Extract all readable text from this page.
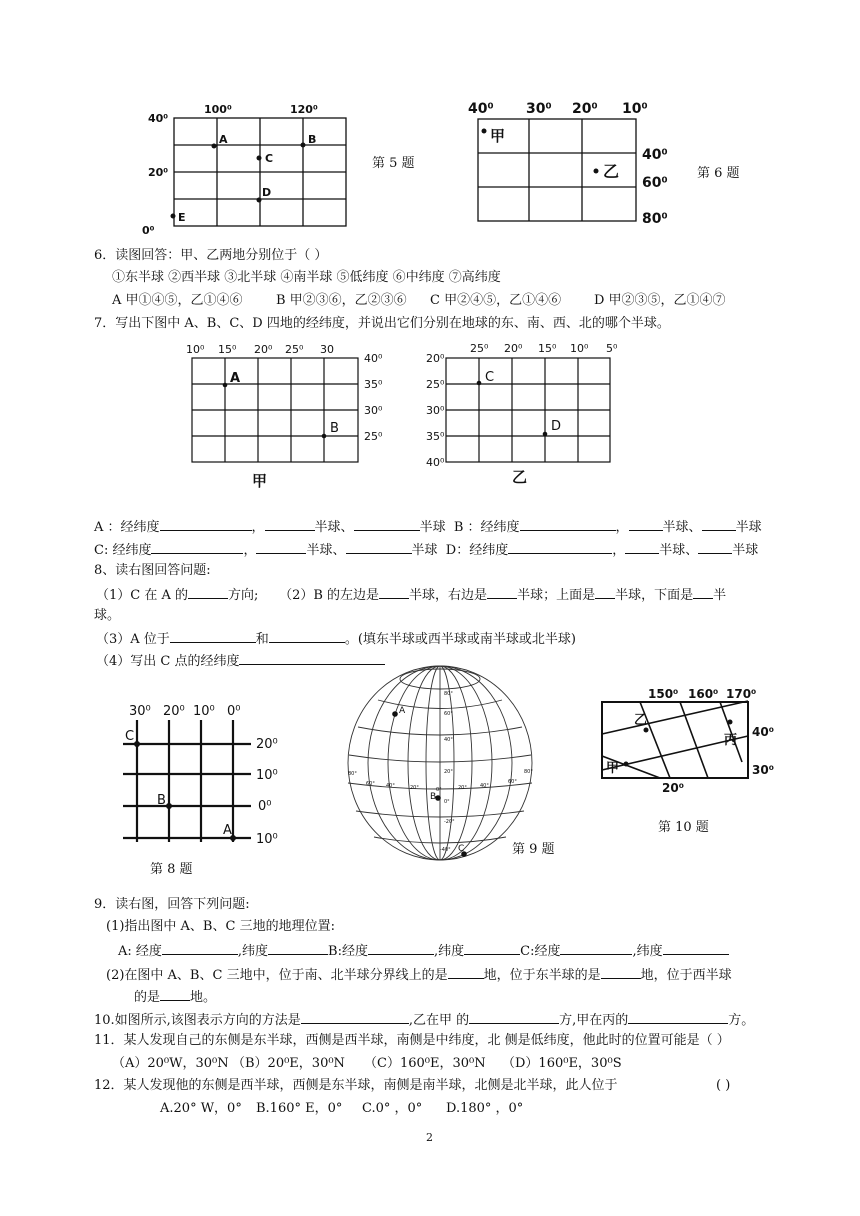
100⁰	120⁰
40⁰
20⁰
0⁰
A	B
C
D
E
第 5 题
40⁰ 30⁰ 20⁰ 10⁰
40⁰
60⁰
80⁰
甲
乙	第 6 题
6．读图回答：甲、乙两地分别位于（ ）
①东半球 ②西半球 ③北半球 ④南半球 ⑤低纬度 ⑥中纬度 ⑦高纬度
A 甲①④⑤，乙①④⑥	B 甲②③⑥，乙②③⑥ C 甲②④⑤，乙①④⑥	D 甲②③⑤，乙①④⑦
7．写出下图中 A、B、C、D 四地的经纬度，并说出它们分别在地球的东、南、西、北的哪个半球。
10⁰ 15⁰ 20⁰ 25⁰ 30
40⁰
35⁰
30⁰
25⁰
A
B
甲
25⁰ 20⁰ 15⁰ 10⁰ 5⁰
20⁰
25⁰
30⁰
35⁰
40⁰
C
D
乙
A ：经纬度	，	半球、	半球 B ：经纬度	，	半球、	半球
C: 经纬度	，	半球、	半球 D：经纬度	，	半球、	半球
8、读右图回答问题:
（1）C 在 A 的	方向; （2）B 的左边是 半球，右边是 半球；上面是 半球，下面是 半
球。
（3）A 位于	和	。(填东半球或西半球或南半球或北半球)
（4）写出 C 点的经纬度
30⁰ 20⁰ 10⁰ 0⁰
20⁰
10⁰
0⁰
10⁰
C
B
A
第 8 题
80°
60°
40°
20°
0°
-20°
-40°
80°
60° 40°	20°	0°	20°	40°
60°
80°
A
B
C	第 9 题
150⁰ 160⁰ 170⁰
40⁰
30⁰
20⁰
乙
丙
甲
第 10 题
9．读右图，回答下列问题:
(1)指出图中 A、B、C 三地的地理位置:
A: 经度	,纬度	B:经度	,纬度	C:经度	,纬度
(2)在图中 A、B、C 三地中，位于南、北半球分界线上的是	地，位于东半球的是	地，位于西半球
的是 地。
10.如图所示,该图表示方向的方法是	,乙在甲 的	方,甲在丙的	方。
11．某人发现自己的东侧是东半球，西侧是西半球，南侧是中纬度，北 侧是低纬度，他此时的位置可能是（ ）
（A）20⁰W，30⁰N （B）20⁰E，30⁰N （C）160⁰E，30⁰N （D）160⁰E，30⁰S
12．某人发现他的东侧是西半球，西侧是东半球，南侧是南半球，北侧是北半球，此人位于	( )
A.20° W，0° B.160° E，0° C.0° ，0° D.180° ，0°
2
